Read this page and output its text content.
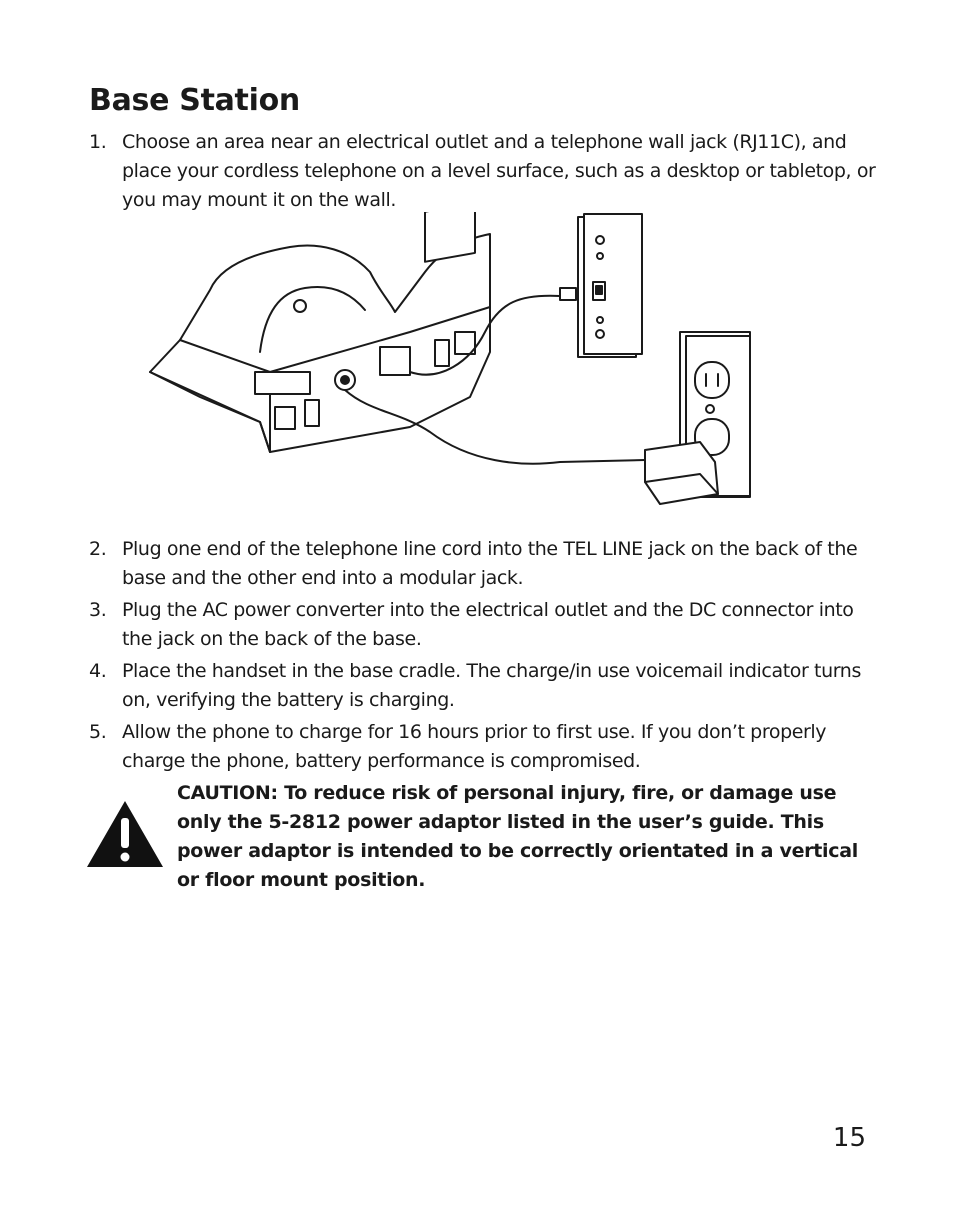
Base Station
1. Choose an area near an electrical outlet and a telephone wall jack (RJ11C), and place your cordless telephone on a level surface, such as a desktop or tabletop, or you may mount it on the wall.
2. Plug one end of the telephone line cord into the TEL LINE jack on the back of the base and the other end into a modular jack.
3. Plug the AC power converter into the electrical outlet and the DC connector into the jack on the back of the base.
4. Place the handset in the base cradle. The charge/in use voicemail indicator turns on, verifying the battery is charging.
5. Allow the phone to charge for 16 hours prior to first use. If you don’t properly charge the phone, battery performance is compromised.
CAUTION: To reduce risk of personal injury, fire, or damage use only the 5-2812 power adaptor listed in the user’s guide. This power adaptor is intended to be correctly orientated in a vertical or floor mount position.
15
